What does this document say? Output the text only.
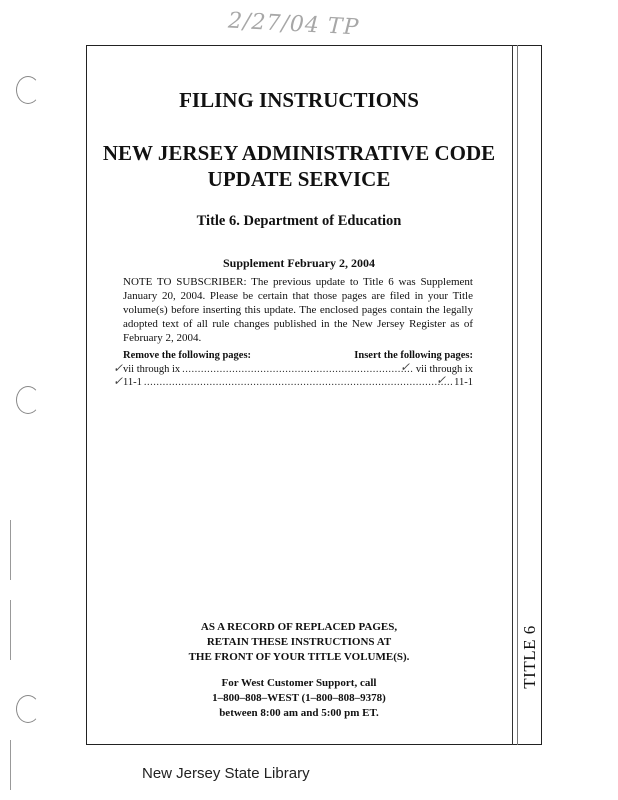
2/27/04 TP
TITLE 6
FILING INSTRUCTIONS
NEW JERSEY ADMINISTRATIVE CODE
UPDATE SERVICE
Title 6. Department of Education
Supplement February 2, 2004
NOTE TO SUBSCRIBER: The previous update to Title 6 was Supplement January 20, 2004. Please be certain that those pages are filed in your Title volume(s) before inserting this update. The enclosed pages contain the legally adopted text of all rule changes published in the New Jersey Register as of February 2, 2004.
Remove the following pages:	Insert the following pages:
vii through ix .....	vii through ix
11-1 .....	11-1
✓
✓
✓
✓
AS A RECORD OF REPLACED PAGES,
RETAIN THESE INSTRUCTIONS AT
THE FRONT OF YOUR TITLE VOLUME(S).
For West Customer Support, call
1–800–808–WEST (1–800–808–9378)
between 8:00 am and 5:00 pm ET.
New Jersey State Library
